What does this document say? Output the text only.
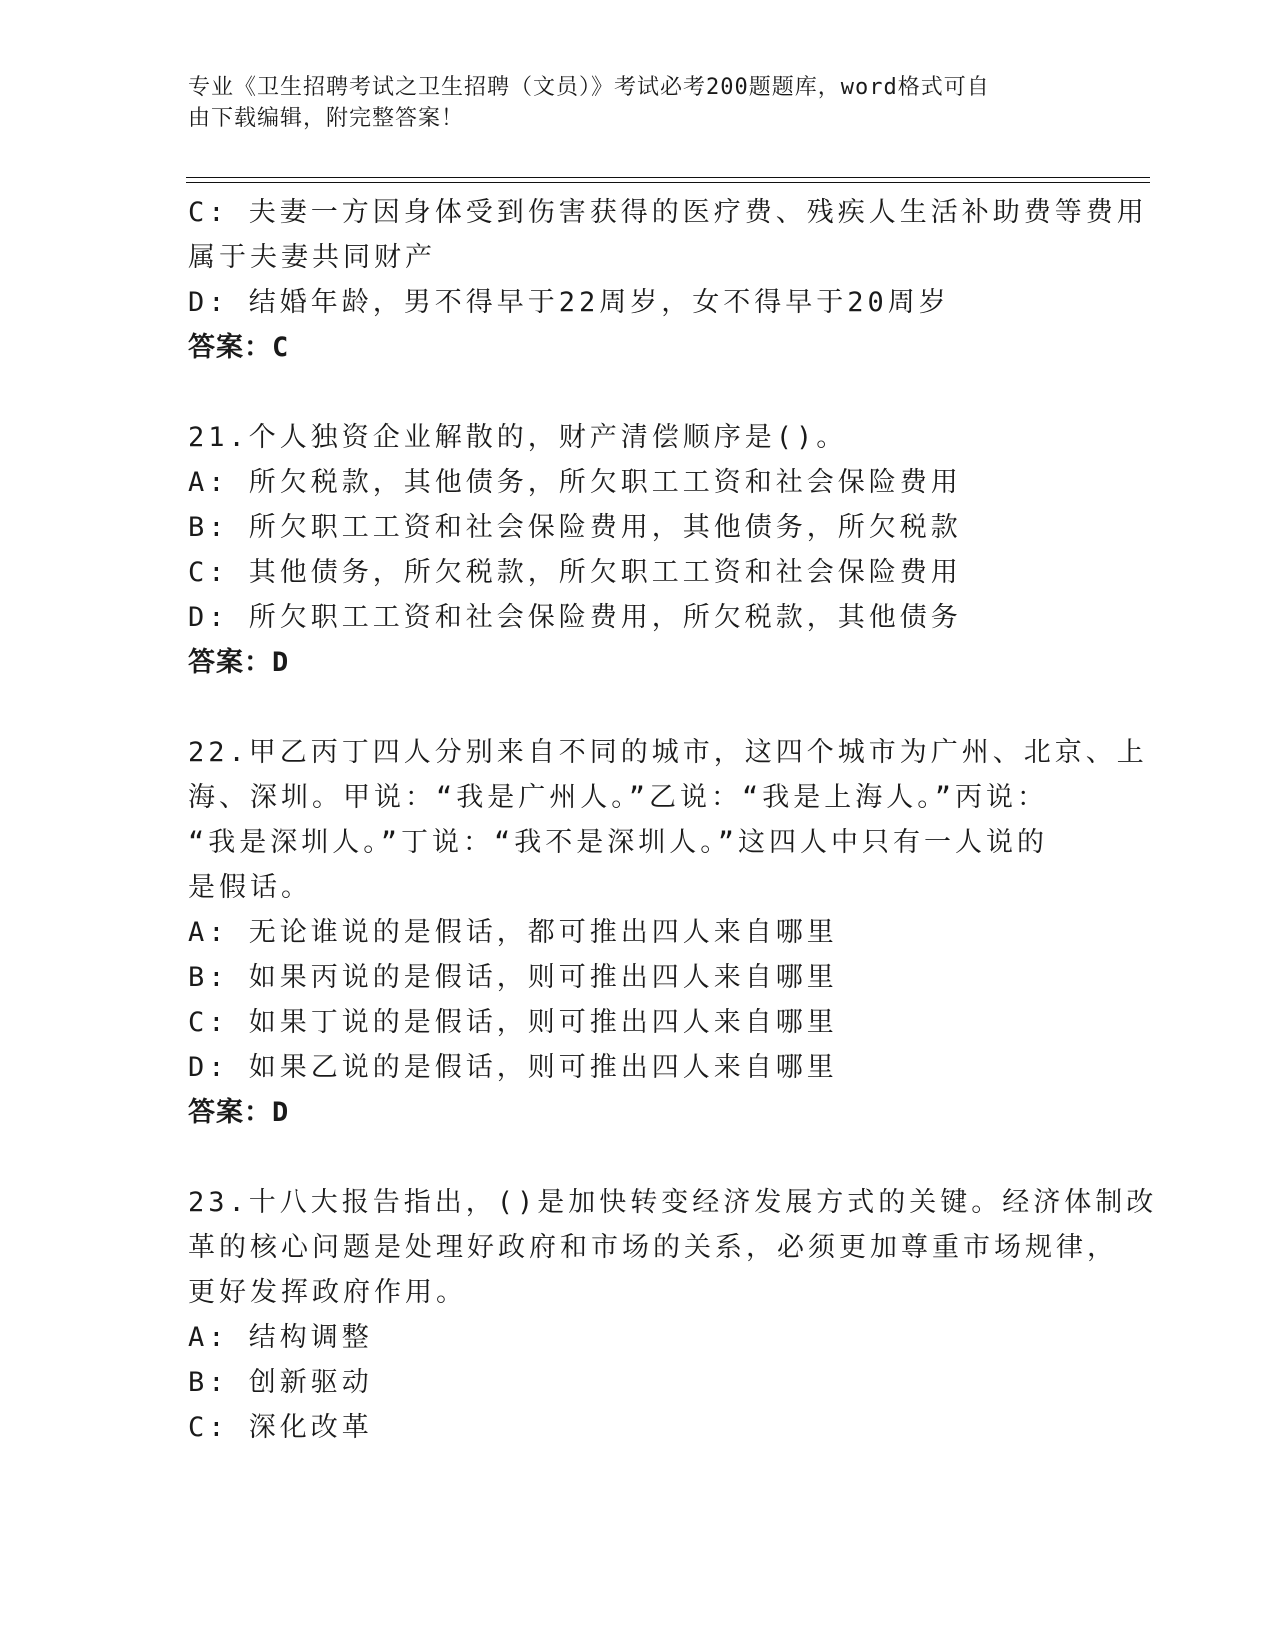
专业《卫生招聘考试之卫生招聘（文员）》考试必考200题题库，word格式可自
由下载编辑，附完整答案！
C: 夫妻一方因身体受到伤害获得的医疗费、残疾人生活补助费等费用
属于夫妻共同财产
D: 结婚年龄，男不得早于22周岁，女不得早于20周岁
答案：C
21.个人独资企业解散的，财产清偿顺序是()。
A: 所欠税款，其他债务，所欠职工工资和社会保险费用
B: 所欠职工工资和社会保险费用，其他债务，所欠税款
C: 其他债务，所欠税款，所欠职工工资和社会保险费用
D: 所欠职工工资和社会保险费用，所欠税款，其他债务
答案：D
22.甲乙丙丁四人分别来自不同的城市，这四个城市为广州、北京、上
海、深圳。甲说：“我是广州人。”乙说：“我是上海人。”丙说：
“我是深圳人。”丁说：“我不是深圳人。”这四人中只有一人说的
是假话。
A: 无论谁说的是假话，都可推出四人来自哪里
B: 如果丙说的是假话，则可推出四人来自哪里
C: 如果丁说的是假话，则可推出四人来自哪里
D: 如果乙说的是假话，则可推出四人来自哪里
答案：D
23.十八大报告指出，()是加快转变经济发展方式的关键。经济体制改
革的核心问题是处理好政府和市场的关系，必须更加尊重市场规律，
更好发挥政府作用。
A: 结构调整
B: 创新驱动
C: 深化改革
